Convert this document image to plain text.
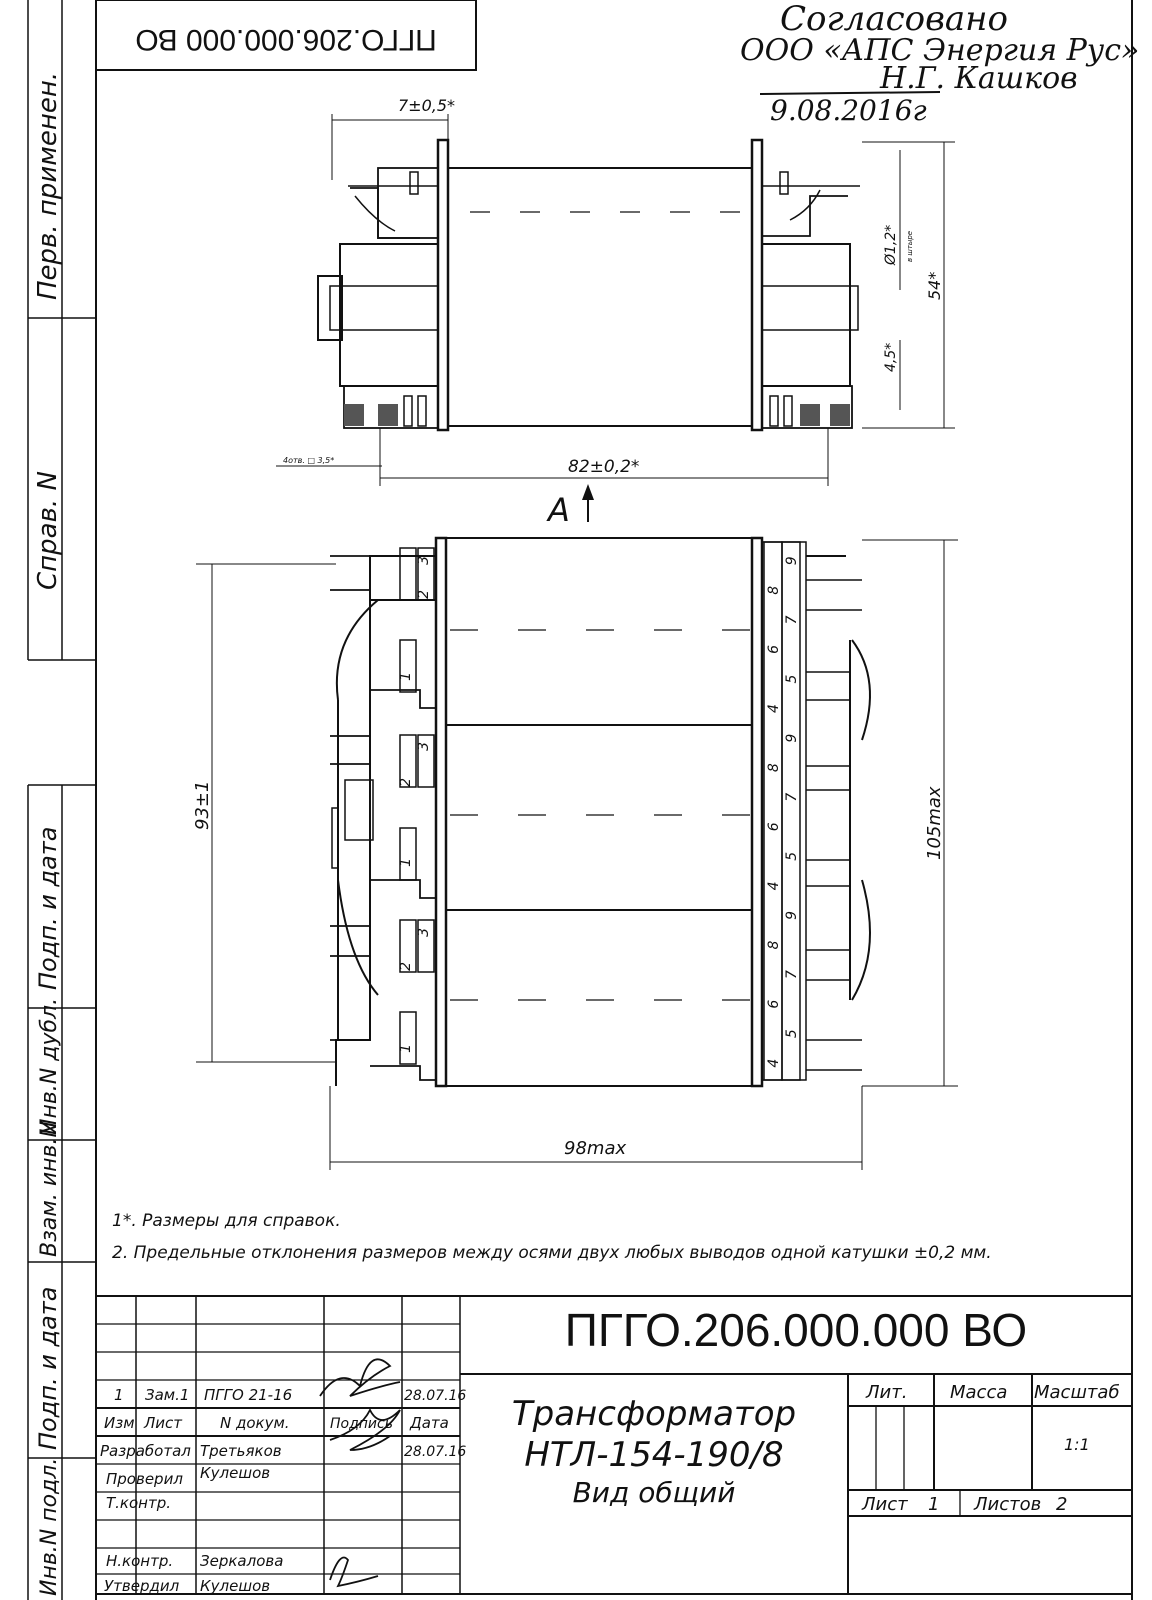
Перв. применен.
Справ. N
Подп. и дата
Инв.N дубл.
Взам. инв.N
Подп. и дата
Инв.N подл.
ПГГО.206.000.000 ВО
Согласовано
ООО «АПС Энергия Рус»
Н.Г. Кашков
9.08.2016г
7±0,5*
54*
Ø1,2* в штыре
4,5*
82±0,2*
4отв. □ 3,5*
А
3
2
1
3
2
1
3
2
1
9
8
7
6
5
4
9
8
7
6
5
4
9
8
7
6
5
4
93±1	105max
98max
1*. Размеры для справок.
2. Предельные отклонения размеров между осями двух любых выводов одной катушки ±0,2 мм.
ПГГО.206.000.000 ВО
Трансформатор
НТЛ-154-190/8
Вид общий
Лит. Масса Масштаб
1:1
Лист 1 Листов 2
1 Зам.1 ПГГО 21-16	28.07.16
Изм Лист	N докум.	Подпись Дата
Разработал Третьяков	28.07.16
Проверил Кулешов
Т.контр.
Н.контр. Зеркалова
Утвердил Кулешов
